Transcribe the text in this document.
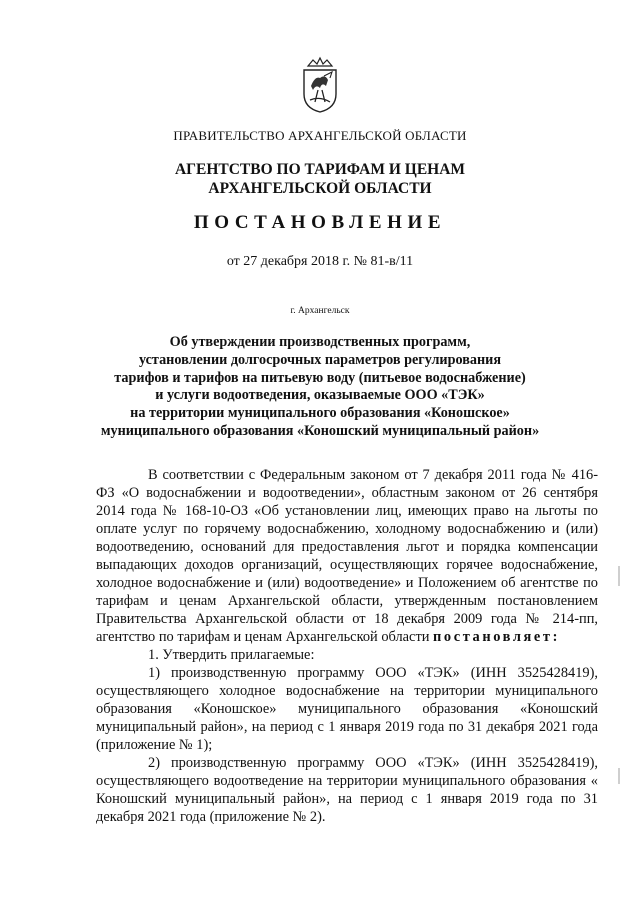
ПРАВИТЕЛЬСТВО АРХАНГЕЛЬСКОЙ ОБЛАСТИ
АГЕНТСТВО ПО ТАРИФАМ И ЦЕНАМ
АРХАНГЕЛЬСКОЙ ОБЛАСТИ
ПОСТАНОВЛЕНИЕ
от 27 декабря 2018 г. № 81-в/11
г. Архангельск
Об утверждении производственных программ,
установлении долгосрочных параметров регулирования
тарифов и тарифов на питьевую воду (питьевое водоснабжение)
и услуги водоотведения, оказываемые ООО «ТЭК»
на территории муниципального образования «Коношское»
муниципального образования «Коношский муниципальный район»

В соответствии с Федеральным законом от 7 декабря 2011 года № 416-ФЗ «О водоснабжении и водоотведении», областным законом от 26 сентября 2014 года № 168-10-ОЗ «Об установлении лиц, имеющих право на льготы по оплате услуг по горячему водоснабжению, холодному водоснабжению и (или) водоотведению, оснований для предоставления льгот и порядка компенсации выпадающих доходов организаций, осуществляющих горячее водоснабжение, холодное водоснабжение и (или) водоотведение» и Положением об агентстве по тарифам и ценам Архангельской области, утвержденным постановлением Правительства Архангельской области от 18 декабря 2009 года № 214-пп, агентство по тарифам и ценам Архангельской области постановляет:

1. Утвердить прилагаемые:

1) производственную программу ООО «ТЭК» (ИНН 3525428419), осуществляющего холодное водоснабжение на территории муниципального образования «Коношское» муниципального образования «Коношский муниципальный район», на период с 1 января 2019 года по 31 декабря 2021 года (приложение № 1);

2) производственную программу ООО «ТЭК» (ИНН 3525428419), осуществляющего водоотведение на территории муниципального образования « Коношский муниципальный район», на период с 1 января 2019 года по 31 декабря 2021 года (приложение № 2).
